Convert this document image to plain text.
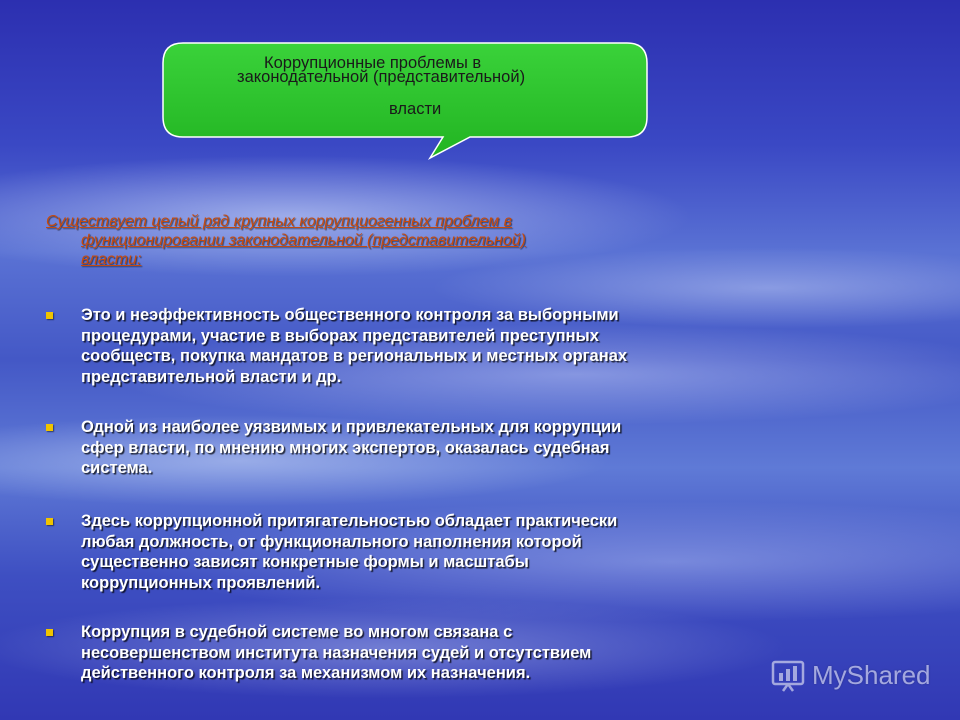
Коррупционные проблемы в
законодательной (представительной)
власти
Существует целый ряд крупных коррупциогенных проблем в
функционировании законодательной (представительной)
власти:
Это и неэффективность общественного контроля за выборными
процедурами, участие в выборах представителей преступных
сообществ, покупка мандатов в региональных и местных органах
представительной власти и др.
Одной из наиболее уязвимых и привлекательных для коррупции
сфер власти, по мнению многих экспертов, оказалась судебная
система.
Здесь коррупционной притягательностью обладает практически
любая должность, от функционального наполнения которой
существенно зависят конкретные формы и масштабы
коррупционных проявлений.
Коррупция в судебной системе во многом связана с
несовершенством института назначения судей и отсутствием
действенного контроля за механизмом их назначения.	MyShared
